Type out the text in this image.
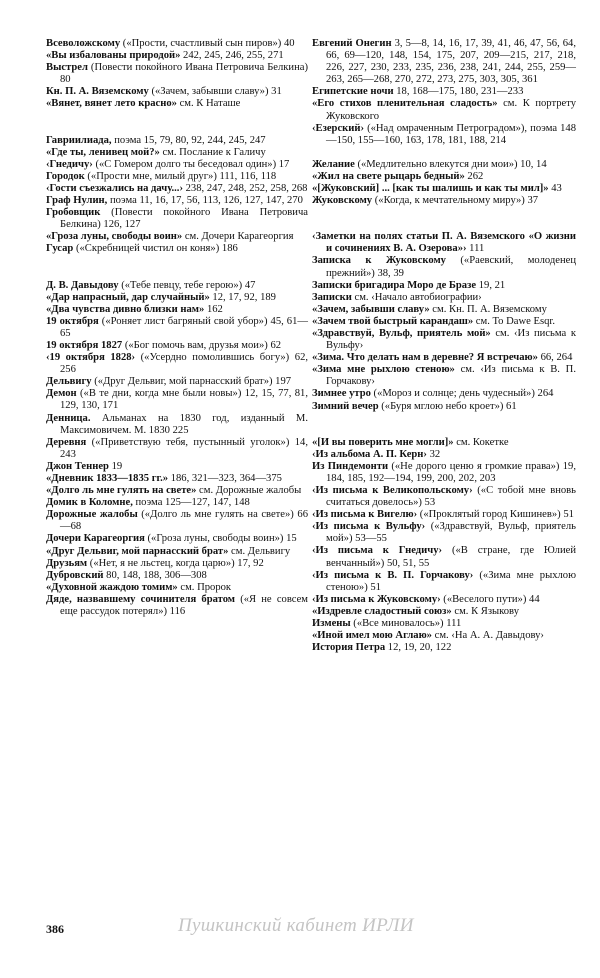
Всеволожскому («Прости, счастливый сын пиров») 40

«Вы избалованы природой» 242, 245, 246, 255, 271

Выстрел (Повести покойного Ивана Петровича Белкина) 80

Кн. П. А. Вяземскому («Зачем, забывши славу») 31

«Вянет, вянет лето красно» см. К Наташе

Гавриилиада, поэма 15, 79, 80, 92, 244, 245, 247

«Где ты, ленивец мой?» см. Послание к Галичу

‹Гнедичу› («С Гомером долго ты беседовал один») 17

Городок («Прости мне, милый друг») 111, 116, 118

‹Гости съезжались на дачу...› 238, 247, 248, 252, 258, 268

Граф Нулин, поэма 11, 16, 17, 56, 113, 126, 127, 147, 270

Гробовщик (Повести покойного Ивана Петровича Белкина) 126, 127

«Гроза луны, свободы воин» см. Дочери Карагеоргия

Гусар («Скребницей чистил он коня») 186

Д. В. Давыдову («Тебе певцу, тебе герою») 47

«Дар напрасный, дар случайный» 12, 17, 92, 189

«Два чувства дивно близки нам» 162

19 октября («Роняет лист багряный свой убор») 45, 61—65

19 октября 1827 («Бог помочь вам, друзья мои») 62

‹19 октября 1828› («Усердно помолившись богу») 62, 256

Дельвигу («Друг Дельвиг, мой парнасский брат») 197

Демон («В те дни, когда мне были новы») 12, 15, 77, 81, 129, 130, 171

Денница. Альманах на 1830 год, изданный М. Максимовичем. М. 1830 225

Деревня («Приветствую тебя, пустынный уголок») 14, 243

Джон Теннер 19

«Дневник 1833—1835 гг.» 186, 321—323, 364—375

«Долго ль мне гулять на свете» см. Дорожные жалобы

Домик в Коломне, поэма 125—127, 147, 148

Дорожные жалобы («Долго ль мне гулять на свете») 66—68

Дочери Карагеоргия («Гроза луны, свободы воин») 15

«Друг Дельвиг, мой парнасский брат» см. Дельвигу

Друзьям («Нет, я не льстец, когда царю») 17, 92

Дубровский 80, 148, 188, 306—308

«Духовной жаждою томим» см. Пророк

Дяде, назвавшему сочинителя братом («Я не совсем еще рассудок потерял») 116

Евгений Онегин 3, 5—8, 14, 16, 17, 39, 41, 46, 47, 56, 64, 66, 69—120, 148, 154, 175, 207, 209—215, 217, 218, 226, 227, 230, 233, 235, 236, 238, 241, 244, 255, 259—263, 265—268, 270, 272, 273, 275, 303, 305, 361

Египетские ночи 18, 168—175, 180, 231—233

«Его стихов пленительная сладость» см. К портрету Жуковского

‹Езерский› («Над омраченным Петроградом»), поэма 148—150, 155—160, 163, 178, 181, 188, 214

Желание («Медлительно влекутся дни мои») 10, 14

«Жил на свете рыцарь бедный» 262

«[Жуковский] ... [как ты шалишь и как ты мил]» 43

Жуковскому («Когда, к мечтательному миру») 37

‹Заметки на полях статьи П. А. Вяземского «О жизни и сочинениях В. А. Озерова»› 111

Записка к Жуковскому («Раевский, молоденец прежний») 38, 39

Записки бригадира Моро де Бразе 19, 21

Записки см. ‹Начало автобиографии›

«Зачем, забывши славу» см. Кн. П. А. Вяземскому

«Зачем твой быстрый карандаш» см. То Dawe Esqr.

«Здравствуй, Вульф, приятель мой» см. ‹Из письма к Вульфу›

«Зима. Что делать нам в деревне? Я встречаю» 66, 264

«Зима мне рыхлою стеною» см. ‹Из письма к В. П. Горчакову›

Зимнее утро («Мороз и солнце; день чудесный») 264

Зимний вечер («Буря мглою небо кроет») 61

«[И вы поверить мне могли]» см. Кокетке

‹Из альбома А. П. Керн› 32

Из Пиндемонти («Не дорого ценю я громкие права») 19, 184, 185, 192—194, 199, 200, 202, 203

‹Из письма к Великопольскому› («С тобой мне вновь считаться довелось») 53

‹Из письма к Вигелю› («Проклятый город Кишинев») 51

‹Из письма к Вульфу› («Здравствуй, Вульф, приятель мой») 53—55

‹Из письма к Гнедичу› («В стране, где Юлией венчанный») 50, 51, 55

‹Из письма к В. П. Горчакову› («Зима мне рыхлою стеною») 51

‹Из письма к Жуковскому› («Веселого пути») 44

«Издревле сладостный союз» см. К Языкову

Измены («Все миновалось») 111

«Иной имел мою Аглаю» см. ‹На А. А. Давыдову›

История Петра 12, 19, 20, 122

386	Пушкинский кабинет ИРЛИ
